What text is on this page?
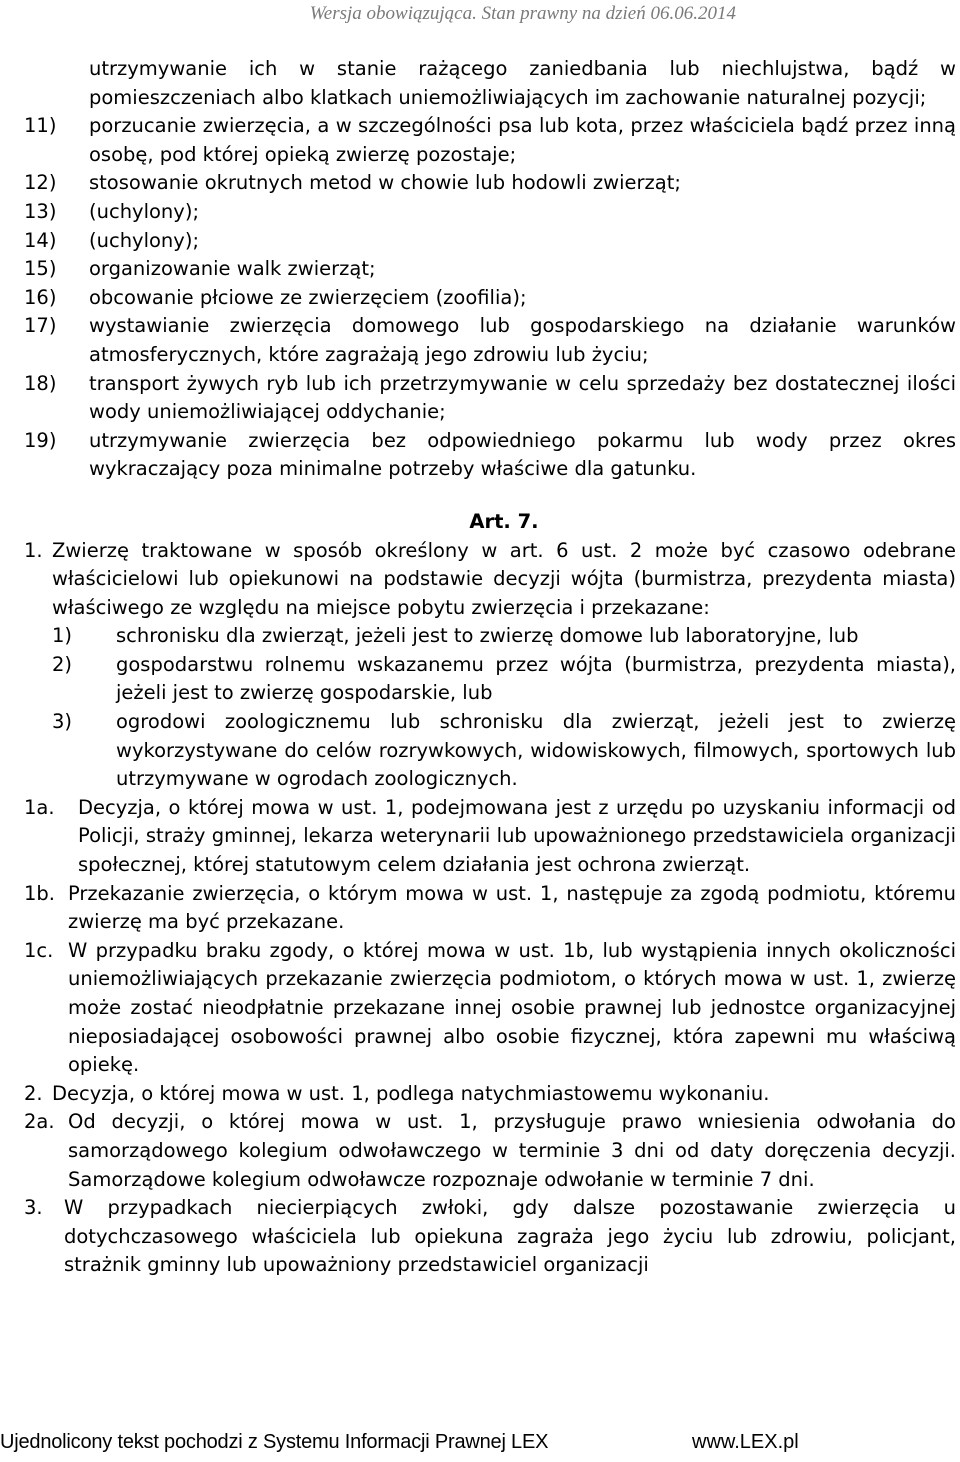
Wersja obowiązująca. Stan prawny na dzień 06.06.2014
utrzymywanie ich w stanie rażącego zaniedbania lub niechlujstwa, bądź w pomieszczeniach albo klatkach uniemożliwiających im zachowanie naturalnej pozycji;
11)	porzucanie zwierzęcia, a w szczególności psa lub kota, przez właściciela bądź przez inną osobę, pod której opieką zwierzę pozostaje;
12)	stosowanie okrutnych metod w chowie lub hodowli zwierząt;
13)	(uchylony);
14)	(uchylony);
15)	organizowanie walk zwierząt;
16)	obcowanie płciowe ze zwierzęciem (zoofilia);
17)	wystawianie zwierzęcia domowego lub gospodarskiego na działanie warunków atmosferycznych, które zagrażają jego zdrowiu lub życiu;
18)	transport żywych ryb lub ich przetrzymywanie w celu sprzedaży bez dostatecznej ilości wody uniemożliwiającej oddychanie;
19)	utrzymywanie zwierzęcia bez odpowiedniego pokarmu lub wody przez okres wykraczający poza minimalne potrzeby właściwe dla gatunku.
Art. 7.
1. Zwierzę traktowane w sposób określony w art. 6 ust. 2 może być czasowo odebrane właścicielowi lub opiekunowi na podstawie decyzji wójta (burmistrza, prezydenta miasta) właściwego ze względu na miejsce pobytu zwierzęcia i przekazane:
1)	schronisku dla zwierząt, jeżeli jest to zwierzę domowe lub laboratoryjne, lub
2)	gospodarstwu rolnemu wskazanemu przez wójta (burmistrza, prezydenta miasta), jeżeli jest to zwierzę gospodarskie, lub
3)	ogrodowi zoologicznemu lub schronisku dla zwierząt, jeżeli jest to zwierzę wykorzystywane do celów rozrywkowych, widowiskowych, filmowych, sportowych lub utrzymywane w ogrodach zoologicznych.
1a.	Decyzja, o której mowa w ust. 1, podejmowana jest z urzędu po uzyskaniu informacji od Policji, straży gminnej, lekarza weterynarii lub upoważnionego przedstawiciela organizacji społecznej, której statutowym celem działania jest ochrona zwierząt.
1b. Przekazanie zwierzęcia, o którym mowa w ust. 1, następuje za zgodą podmiotu, któremu zwierzę ma być przekazane.
1c. W przypadku braku zgody, o której mowa w ust. 1b, lub wystąpienia innych okoliczności uniemożliwiających przekazanie zwierzęcia podmiotom, o których mowa w ust. 1, zwierzę może zostać nieodpłatnie przekazane innej osobie prawnej lub jednostce organizacyjnej nieposiadającej osobowości prawnej albo osobie fizycznej, która zapewni mu właściwą opiekę.
2. Decyzja, o której mowa w ust. 1, podlega natychmiastowemu wykonaniu.
2a. Od decyzji, o której mowa w ust. 1, przysługuje prawo wniesienia odwołania do samorządowego kolegium odwoławczego w terminie 3 dni od daty doręczenia decyzji. Samorządowe kolegium odwoławcze rozpoznaje odwołanie w terminie 7 dni.
3.	W przypadkach niecierpiących zwłoki, gdy dalsze pozostawanie zwierzęcia u dotychczasowego właściciela lub opiekuna zagraża jego życiu lub zdrowiu, policjant, strażnik gminny lub upoważniony przedstawiciel organizacji
Ujednolicony tekst pochodzi z Systemu Informacji Prawnej LEX	www.LEX.pl
